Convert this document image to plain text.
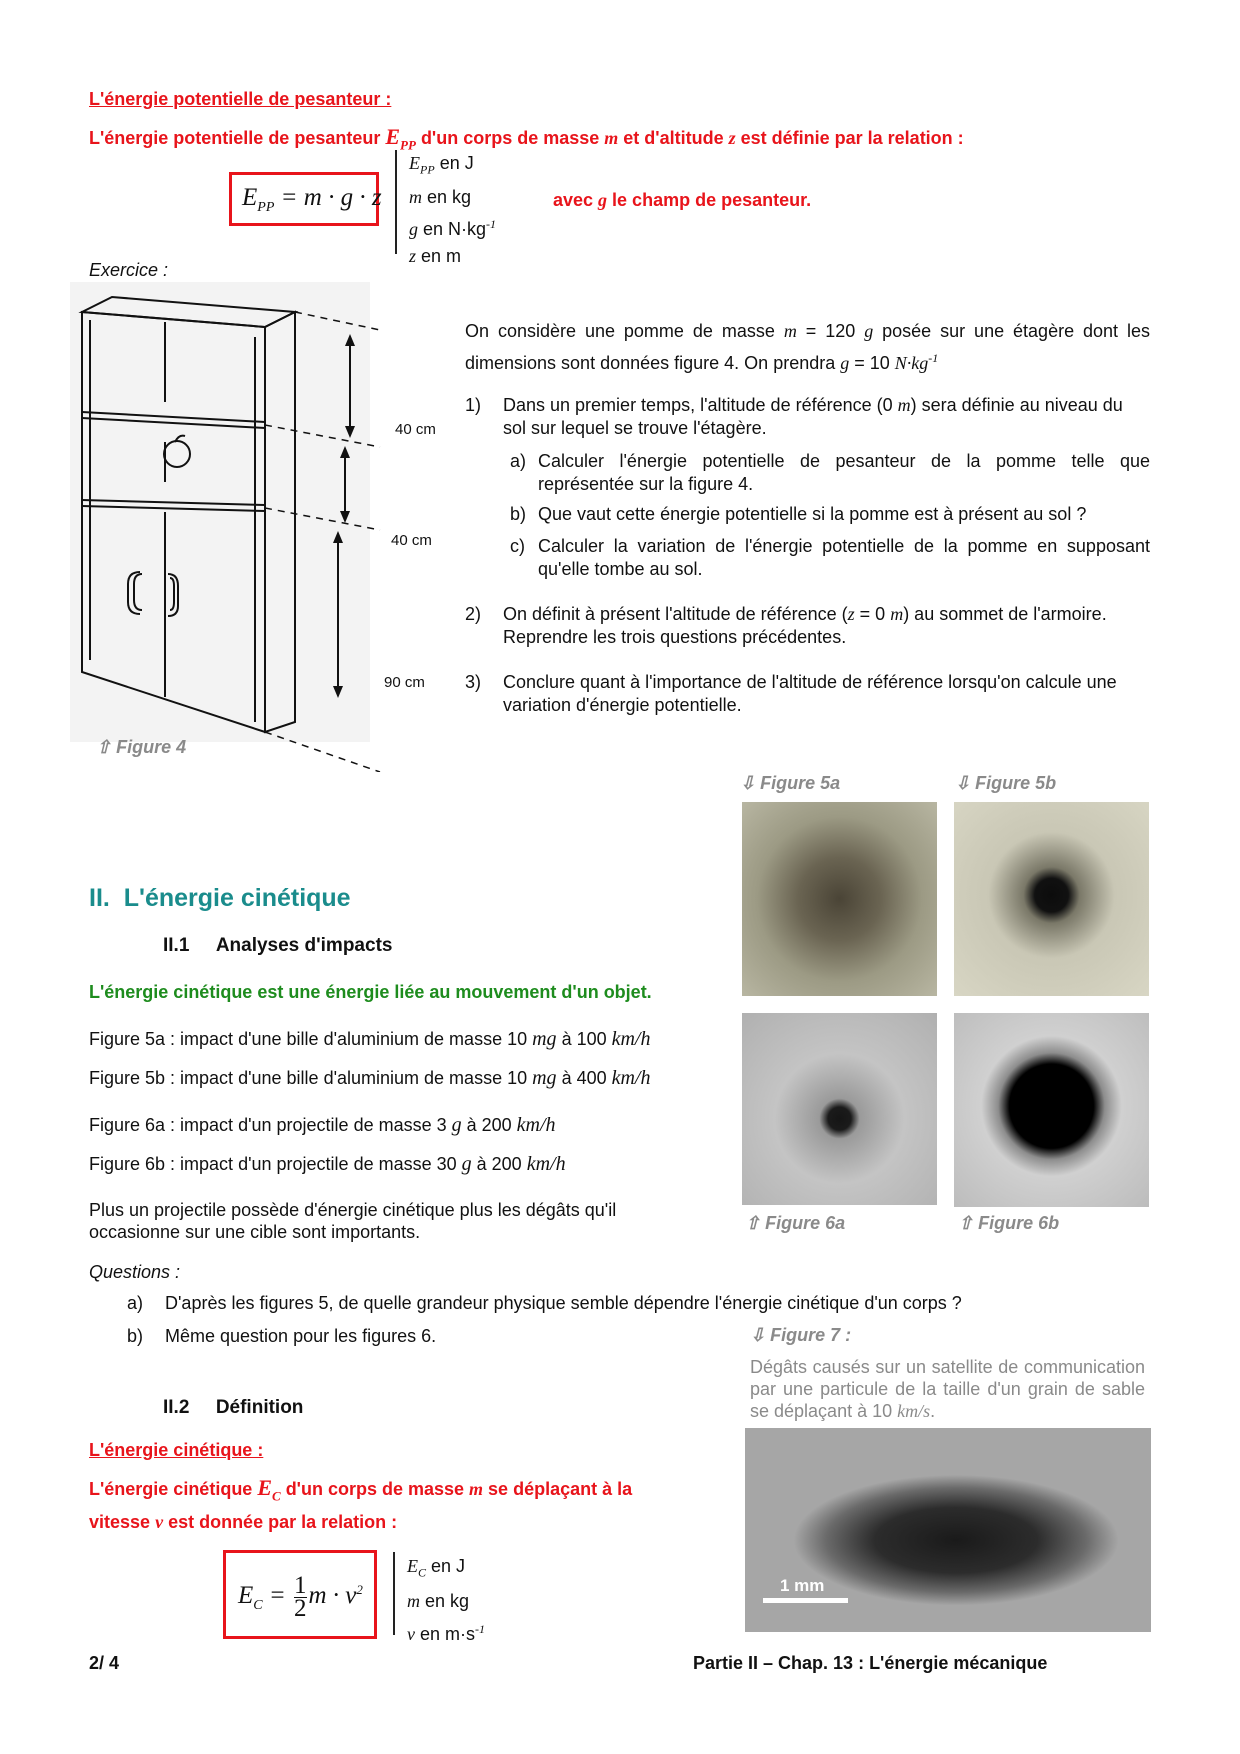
L'énergie potentielle de pesanteur :
L'énergie potentielle de pesanteur $E_{PP}$ d'un corps de masse m et d'altitude z est définie par la relation :
$E_{PP} = m \cdot g \cdot z$
$E_{PP}$ en J
m en kg
g en $N\cdot kg^{-1}$
z en m
avec g le champ de pesanteur.
Exercice :
40 cm
40 cm
90 cm
⇧ Figure 4
On considère une pomme de masse m = 120 g posée sur une étagère dont les dimensions sont données figure 4. On prendra g = 10 $N\cdot kg^{-1}$
1)	Dans un premier temps, l'altitude de référence (0 m) sera définie au niveau du sol sur lequel se trouve l'étagère.
a) Calculer l'énergie potentielle de pesanteur de la pomme telle que représentée sur la figure 4.
b) Que vaut cette énergie potentielle si la pomme est à présent au sol ?
c) Calculer la variation de l'énergie potentielle de la pomme en supposant qu'elle tombe au sol.
2)	On définit à présent l'altitude de référence (z = 0 m) au sommet de l'armoire. Reprendre les trois questions précédentes.
3)	Conclure quant à l'importance de l'altitude de référence lorsqu'on calcule une variation d'énergie potentielle.
⇩ Figure 5a	⇩ Figure 5b
⇧ Figure 6a	⇧ Figure 6b
II. L'énergie cinétique
II.1 Analyses d'impacts
L'énergie cinétique est une énergie liée au mouvement d'un objet.
Figure 5a : impact d'une bille d'aluminium de masse 10 mg à 100 km/h
Figure 5b : impact d'une bille d'aluminium de masse 10 mg à 400 km/h
Figure 6a : impact d'un projectile de masse 3 g à 200 km/h
Figure 6b : impact d'un projectile de masse 30 g à 200 km/h
Plus un projectile possède d'énergie cinétique plus les dégâts qu'il occasionne sur une cible sont importants.
Questions :
a)	D'après les figures 5, de quelle grandeur physique semble dépendre l'énergie cinétique d'un corps ?
b)	Même question pour les figures 6.	⇩ Figure 7 :
Dégâts causés sur un satellite de communication par une particule de la taille d'un grain de sable se déplaçant à 10 km/s.
1 mm
II.2 Définition
L'énergie cinétique :
L'énergie cinétique $E_C$ d'un corps de masse m se déplaçant à la vitesse v est donnée par la relation :
$E_C = \frac{1}{2}$ $m \cdot v^2$
$E_C$ en J
m en kg
v en $m\cdot s^{-1}$
2/ 4	Partie II – Chap. 13 : L'énergie mécanique
